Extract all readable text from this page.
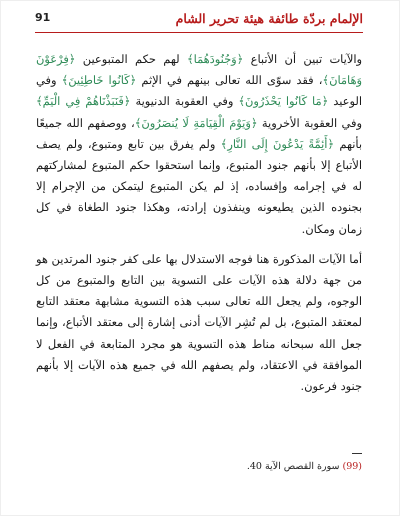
الإلمام بردّة طائفة هيئة تحرير الشام
91

والآيات تبين أن الأتباع ﴿وَجُنُودَهُمَا﴾ لهم حكم المتبوعين ﴿فِرْعَوْنَ وَهَامَانَ﴾، فقد سوّى الله تعالى بينهم في الإثم ﴿كَانُوا خَاطِئِينَ﴾ وفي الوعيد ﴿مَا كَانُوا يَحْذَرُونَ﴾ وفي العقوبة الدنيوية ﴿فَنَبَذْنَاهُمْ فِي الْيَمِّ﴾ وفي العقوبة الأخروية ﴿وَيَوْمَ الْقِيَامَةِ لَا يُنصَرُونَ﴾، ووصفهم الله جميعًا بأنهم ﴿أَئِمَّةً يَدْعُونَ إِلَى النَّارِ﴾ ولم يفرق بين تابع ومتبوع، ولم يصف الأتباع إلا بأنهم جنود المتبوع، وإنما استحقوا حكم المتبوع لمشاركتهم له في إجرامه وإفساده، إذ لم يكن المتبوع ليتمكن من الإجرام إلا بجنوده الذين يطيعونه وينفذون إرادته، وهكذا جنود الطغاة في كل زمان ومكان.

أما الآيات المذكورة هنا فوجه الاستدلال بها على كفر جنود المرتدين هو من جهة دلالة هذه الآيات على التسوية بين التابع والمتبوع من كل الوجوه، ولم يجعل الله تعالى سبب هذه التسوية مشابهة معتقد التابع لمعتقد المتبوع، بل لم تُشِر الآيات أدنى إشارة إلى معتقد الأتباع، وإنما جعل الله سبحانه مناط هذه التسوية هو مجرد المتابعة في الفعل لا الموافقة في الاعتقاد، ولم يصفهم الله في جميع هذه الآيات إلا بأنهم جنود فرعون.

(99) سورة القصص الآية 40.
